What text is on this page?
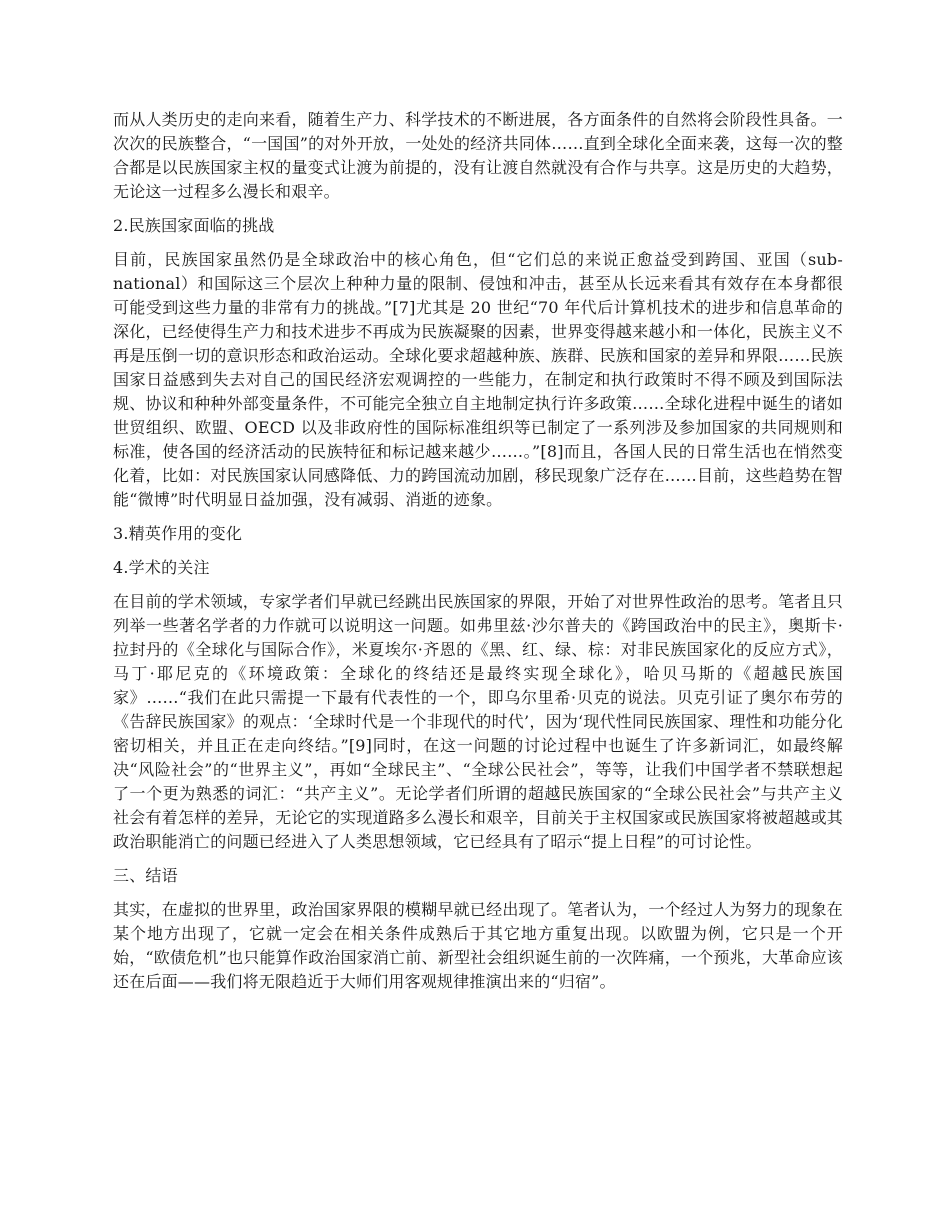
而从人类历史的走向来看，随着生产力、科学技术的不断进展，各方面条件的自然将会阶段性具备。一次次的民族整合，“一国国”的对外开放，一处处的经济共同体……直到全球化全面来袭，这每一次的整合都是以民族国家主权的量变式让渡为前提的，没有让渡自然就没有合作与共享。这是历史的大趋势，无论这一过程多么漫长和艰辛。

2.民族国家面临的挑战

目前，民族国家虽然仍是全球政治中的核心角色，但“它们总的来说正愈益受到跨国、亚国（sub-national）和国际这三个层次上种种力量的限制、侵蚀和冲击，甚至从长远来看其有效存在本身都很可能受到这些力量的非常有力的挑战。”[7]尤其是 20 世纪“70 年代后计算机技术的进步和信息革命的深化，已经使得生产力和技术进步不再成为民族凝聚的因素，世界变得越来越小和一体化，民族主义不再是压倒一切的意识形态和政治运动。全球化要求超越种族、族群、民族和国家的差异和界限……民族国家日益感到失去对自己的国民经济宏观调控的一些能力，在制定和执行政策时不得不顾及到国际法规、协议和种种外部变量条件，不可能完全独立自主地制定执行许多政策……全球化进程中诞生的诸如世贸组织、欧盟、OECD 以及非政府性的国际标准组织等已制定了一系列涉及参加国家的共同规则和标准，使各国的经济活动的民族特征和标记越来越少……。”[8]而且，各国人民的日常生活也在悄然变化着，比如：对民族国家认同感降低、力的跨国流动加剧，移民现象广泛存在……目前，这些趋势在智能“微博”时代明显日益加强，没有减弱、消逝的迹象。

3.精英作用的变化

4.学术的关注

在目前的学术领域，专家学者们早就已经跳出民族国家的界限，开始了对世界性政治的思考。笔者且只列举一些著名学者的力作就可以说明这一问题。如弗里兹·沙尔普夫的《跨国政治中的民主》，奥斯卡·拉封丹的《全球化与国际合作》，米夏埃尔·齐恩的《黑、红、绿、棕：对非民族国家化的反应方式》，马丁·耶尼克的《环境政策：全球化的终结还是最终实现全球化》，哈贝马斯的《超越民族国家》……“我们在此只需提一下最有代表性的一个，即乌尔里希·贝克的说法。贝克引证了奥尔布劳的《告辞民族国家》的观点：‘全球时代是一个非现代的时代’，因为‘现代性同民族国家、理性和功能分化密切相关，并且正在走向终结。”[9]同时，在这一问题的讨论过程中也诞生了许多新词汇，如最终解决“风险社会”的“世界主义”，再如“全球民主”、“全球公民社会”，等等，让我们中国学者不禁联想起了一个更为熟悉的词汇：“共产主义”。无论学者们所谓的超越民族国家的“全球公民社会”与共产主义社会有着怎样的差异，无论它的实现道路多么漫长和艰辛，目前关于主权国家或民族国家将被超越或其政治职能消亡的问题已经进入了人类思想领域，它已经具有了昭示“提上日程”的可讨论性。

三、结语

其实，在虚拟的世界里，政治国家界限的模糊早就已经出现了。笔者认为，一个经过人为努力的现象在某个地方出现了，它就一定会在相关条件成熟后于其它地方重复出现。以欧盟为例，它只是一个开始，“欧债危机”也只能算作政治国家消亡前、新型社会组织诞生前的一次阵痛，一个预兆，大革命应该还在后面——我们将无限趋近于大师们用客观规律推演出来的“归宿”。
